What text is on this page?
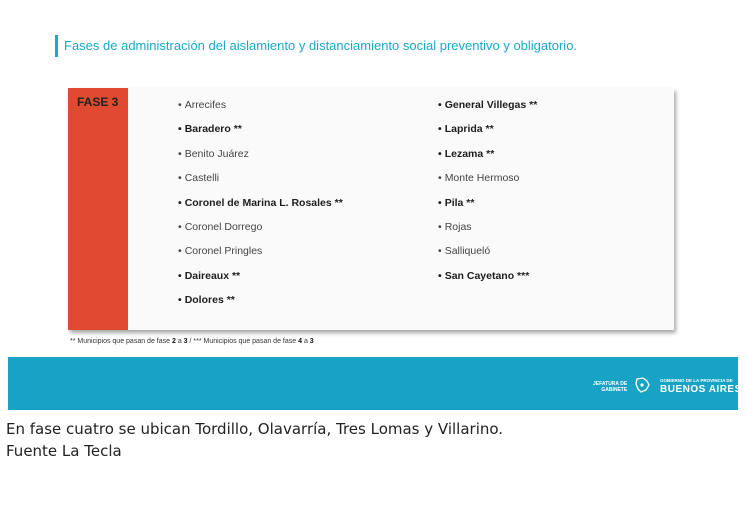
Fases de administración del aislamiento y distanciamiento social preventivo y obligatorio.
FASE 3	• Arrecifes
• Baradero **
• Benito Juárez
• Castelli
• Coronel de Marina L. Rosales **
• Coronel Dorrego
• Coronel Pringles
• Daireaux **
• Dolores **
• General Villegas **
• Laprida **
• Lezama **
• Monte Hermoso
• Pila **
• Rojas
• Salliqueló
• San Cayetano ***
** Municipios que pasan de fase 2 a 3 / *** Municipios que pasan de fase 4 a 3
JEFATURA DE
GABINETE
GOBIERNO DE LA PROVINCIA DE
BUENOS AIRES
En fase cuatro se ubican Tordillo, Olavarría, Tres Lomas y Villarino.
Fuente La Tecla
